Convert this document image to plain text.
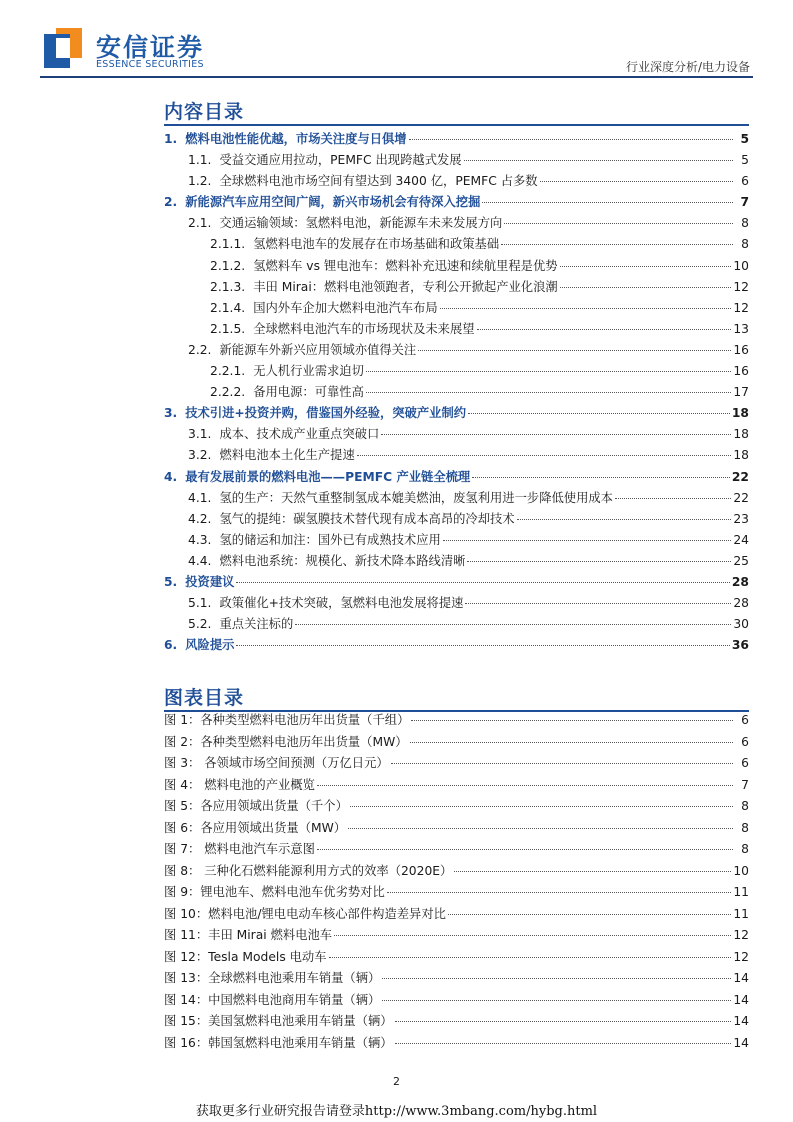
安信证券
ESSENCE SECURITIES	行业深度分析/电力设备
内容目录
1. 燃料电池性能优越，市场关注度与日俱增	5
1.1. 受益交通应用拉动，PEMFC 出现跨越式发展	5
1.2. 全球燃料电池市场空间有望达到 3400 亿，PEMFC 占多数	6
2. 新能源汽车应用空间广阔，新兴市场机会有待深入挖掘	7
2.1. 交通运输领域：氢燃料电池，新能源车未来发展方向	8
2.1.1. 氢燃料电池车的发展存在市场基础和政策基础	8
2.1.2. 氢燃料车 vs 锂电池车：燃料补充迅速和续航里程是优势	10
2.1.3. 丰田 Mirai：燃料电池领跑者，专利公开掀起产业化浪潮	12
2.1.4. 国内外车企加大燃料电池汽车布局	12
2.1.5. 全球燃料电池汽车的市场现状及未来展望	13
2.2. 新能源车外新兴应用领域亦值得关注	16
2.2.1. 无人机行业需求迫切	16
2.2.2. 备用电源：可靠性高	17
3. 技术引进+投资并购，借鉴国外经验，突破产业制约	18
3.1. 成本、技术成产业重点突破口	18
3.2. 燃料电池本土化生产提速	18
4. 最有发展前景的燃料电池——PEMFC 产业链全梳理	22
4.1. 氢的生产：天然气重整制氢成本媲美燃油，废氢利用进一步降低使用成本	22
4.2. 氢气的提纯：碳氢膜技术替代现有成本高昂的冷却技术	23
4.3. 氢的储运和加注：国外已有成熟技术应用	24
4.4. 燃料电池系统：规模化、新技术降本路线清晰	25
5. 投资建议	28
5.1. 政策催化+技术突破，氢燃料电池发展将提速	28
5.2. 重点关注标的	30
6. 风险提示	36
图表目录
图 1：各种类型燃料电池历年出货量（千组）	6
图 2：各种类型燃料电池历年出货量（MW）	6
图 3： 各领域市场空间预测（万亿日元）	6
图 4： 燃料电池的产业概览	7
图 5：各应用领域出货量（千个）	8
图 6：各应用领域出货量（MW）	8
图 7： 燃料电池汽车示意图	8
图 8： 三种化石燃料能源利用方式的效率（2020E）	10
图 9：锂电池车、燃料电池车优劣势对比	11
图 10：燃料电池/锂电电动车核心部件构造差异对比	11
图 11：丰田 Mirai 燃料电池车	12
图 12：Tesla Models 电动车	12
图 13：全球燃料电池乘用车销量（辆）	14
图 14：中国燃料电池商用车销量（辆）	14
图 15：美国氢燃料电池乘用车销量（辆）	14
图 16：韩国氢燃料电池乘用车销量（辆）	14
2
获取更多行业研究报告请登录http://www.3mbang.com/hybg.html
